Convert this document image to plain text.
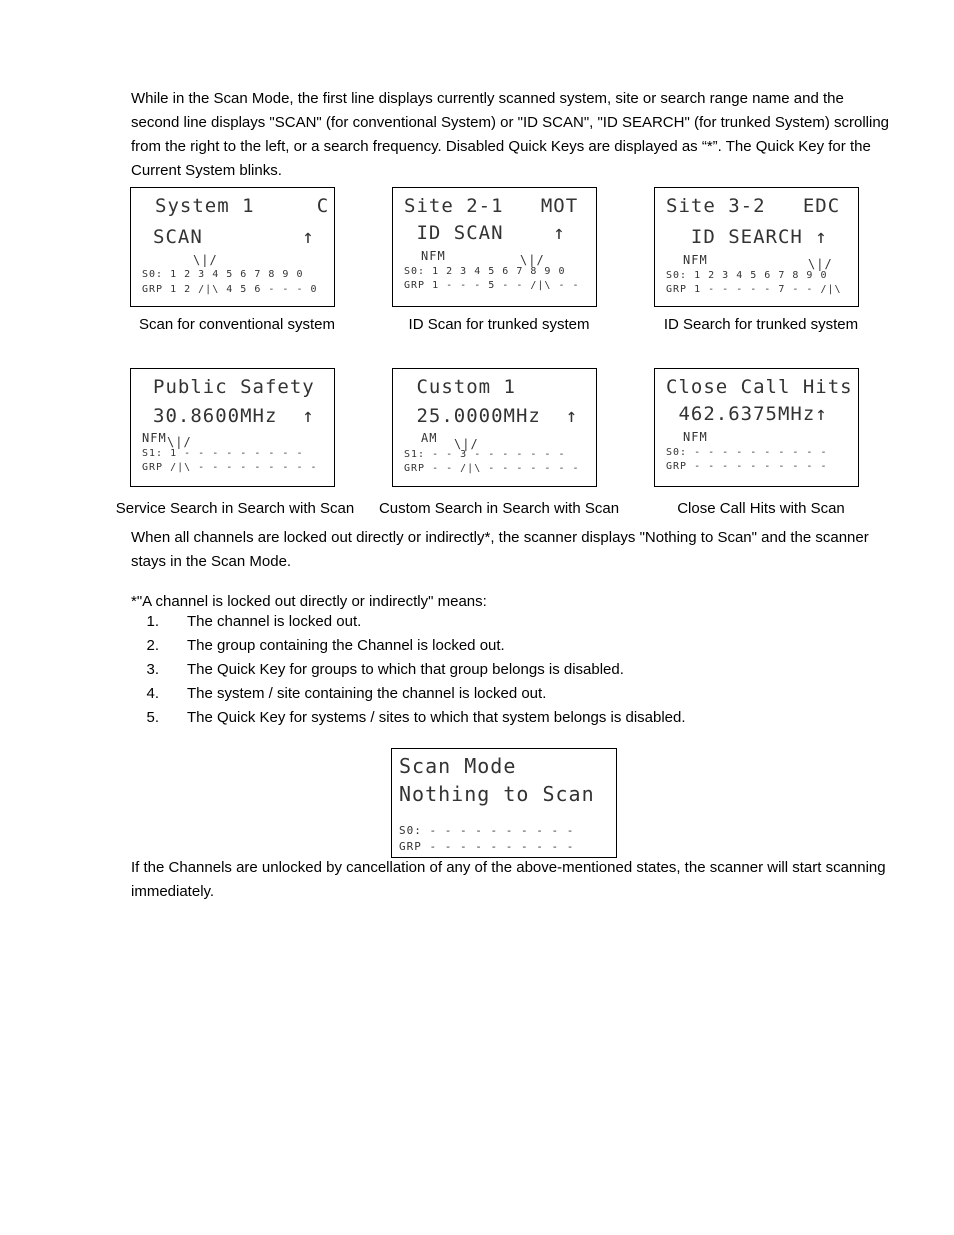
While in the Scan Mode, the first line displays currently scanned system, site or search range name and the second line displays "SCAN" (for conventional System) or "ID SCAN", "ID SEARCH" (for trunked System) scrolling from the right to the left, or a search frequency. Disabled Quick Keys are displayed as “*”. The Quick Key for the Current System blinks.

System 1     C
SCAN        ↑
\|/
S0: 1 2 3 4 5 6 7 8 9 0
GRP 1 2 /|\ 4 5 6 - - - 0
Scan for conventional system
Site 2-1   MOT
ID SCAN    ↑
NFM	\|/
S0: 1 2 3 4 5 6 7 8 9 0
GRP 1 - - - 5 - - /|\ - -
ID Scan for trunked system
Site 3-2   EDC
ID SEARCH ↑
NFM	\|/
S0: 1 2 3 4 5 6 7 8 9 0
GRP 1 - - - - - 7 - - /|\
ID Search for trunked system
Public Safety
30.8600MHz  ↑
NFM \|/
S1: 1 - - - - - - - - -
GRP /|\ - - - - - - - - -
Service Search in Search with Scan
Custom 1
25.0000MHz  ↑
AM \|/
S1: - - 3 - - - - - - -
GRP - - /|\ - - - - - - -
Custom Search in Search with Scan
Close Call Hits
462.6375MHz↑
NFM
S0: - - - - - - - - - -
GRP - - - - - - - - - -
Close Call Hits with Scan

When all channels are locked out directly or indirectly*, the scanner displays "Nothing to Scan" and the scanner stays in the Scan Mode.

*"A channel is locked out directly or indirectly" means:

1. The channel is locked out.
2. The group containing the Channel is locked out.
3. The Quick Key for groups to which that group belongs is disabled.
4. The system / site containing the channel is locked out.
5. The Quick Key for systems / sites to which that system belongs is disabled.
Scan Mode
Nothing to Scan
S0: - - - - - - - - - -
GRP - - - - - - - - - -

If the Channels are unlocked by cancellation of any of the above-mentioned states, the scanner will start scanning immediately.
